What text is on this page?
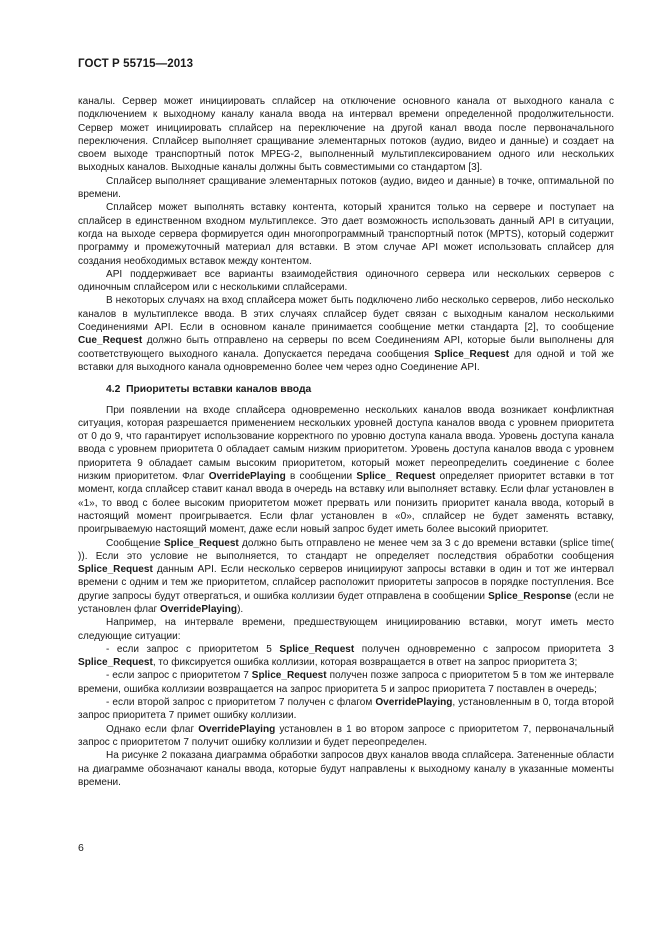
ГОСТ Р 55715—2013

каналы. Сервер может инициировать сплайсер на отключение основного канала от выходного канала с подключением к выходному каналу канала ввода на интервал времени определенной продолжительности. Сервер может инициировать сплайсер на переключение на другой канал ввода после первоначального переключения. Сплайсер выполняет сращивание элементарных потоков (аудио, видео и данные) и создает на своем выходе транспортный поток MPEG-2, выполненный мультиплексированием одного или нескольких выходных каналов. Выходные каналы должны быть совместимыми со стандартом [3].

Сплайсер выполняет сращивание элементарных потоков (аудио, видео и данные) в точке, оптимальной по времени.

Сплайсер может выполнять вставку контента, который хранится только на сервере и поступает на сплайсер в единственном входном мультиплексе. Это дает возможность использовать данный API в ситуации, когда на выходе сервера формируется один многопрограммный транспортный поток (MPTS), который содержит программу и промежуточный материал для вставки. В этом случае API может использовать сплайсер для создания необходимых вставок между контентом.

API поддерживает все варианты взаимодействия одиночного сервера или нескольких серверов с одиночным сплайсером или с несколькими сплайсерами.

В некоторых случаях на вход сплайсера может быть подключено либо несколько серверов, либо несколько каналов в мультиплексе ввода. В этих случаях сплайсер будет связан с выходным каналом несколькими Соединениями API. Если в основном канале принимается сообщение метки стандарта [2], то сообщение Cue_Request должно быть отправлено на серверы по всем Соединениям API, которые были выполнены для соответствующего выходного канала. Допускается передача сообщения Splice_Request для одной и той же вставки для выходного канала одновременно более чем через одно Соединение API.

4.2 Приоритеты вставки каналов ввода

При появлении на входе сплайсера одновременно нескольких каналов ввода возникает конфликтная ситуация, которая разрешается применением нескольких уровней доступа каналов ввода с уровнем приоритета от 0 до 9, что гарантирует использование корректного по уровню доступа канала ввода. Уровень доступа канала ввода с уровнем приоритета 0 обладает самым низким приоритетом. Уровень доступа каналов ввода с уровнем приоритета 9 обладает самым высоким приоритетом, который может переопределить соединение с более низким приоритетом. Флаг OverridePlaying в сообщении Splice_ Request определяет приоритет вставки в тот момент, когда сплайсер ставит канал ввода в очередь на вставку или выполняет вставку. Если флаг установлен в «1», то ввод с более высоким приоритетом может прервать или понизить приоритет канала ввода, который в настоящий момент проигрывается. Если флаг установлен в «0», сплайсер не будет заменять вставку, проигрываемую настоящий момент, даже если новый запрос будет иметь более высокий приоритет.

Сообщение Splice_Request должно быть отправлено не менее чем за 3 с до времени вставки (splice time( )). Если это условие не выполняется, то стандарт не определяет последствия обработки сообщения Splice_Request данным API. Если несколько серверов инициируют запросы вставки в один и тот же интервал времени с одним и тем же приоритетом, сплайсер расположит приоритеты запросов в порядке поступления. Все другие запросы будут отвергаться, и ошибка коллизии будет отправлена в сообщении Splice_Response (если не установлен флаг OverridePlaying).

Например, на интервале времени, предшествующем инициированию вставки, могут иметь место следующие ситуации:

- если запрос с приоритетом 5 Splice_Request получен одновременно с запросом приоритета 3 Splice_Request, то фиксируется ошибка коллизии, которая возвращается в ответ на запрос приоритета 3;

- если запрос с приоритетом 7 Splice_Request получен позже запроса с приоритетом 5 в том же интервале времени, ошибка коллизии возвращается на запрос приоритета 5 и запрос приоритета 7 поставлен в очередь;

- если второй запрос с приоритетом 7 получен с флагом OverridePlaying, установленным в 0, тогда второй запрос приоритета 7 примет ошибку коллизии.

Однако если флаг OverridePlaying установлен в 1 во втором запросе с приоритетом 7, первоначальный запрос с приоритетом 7 получит ошибку коллизии и будет переопределен.

На рисунке 2 показана диаграмма обработки запросов двух каналов ввода сплайсера. Затененные области на диаграмме обозначают каналы ввода, которые будут направлены к выходному каналу в указанные моменты времени.

6
